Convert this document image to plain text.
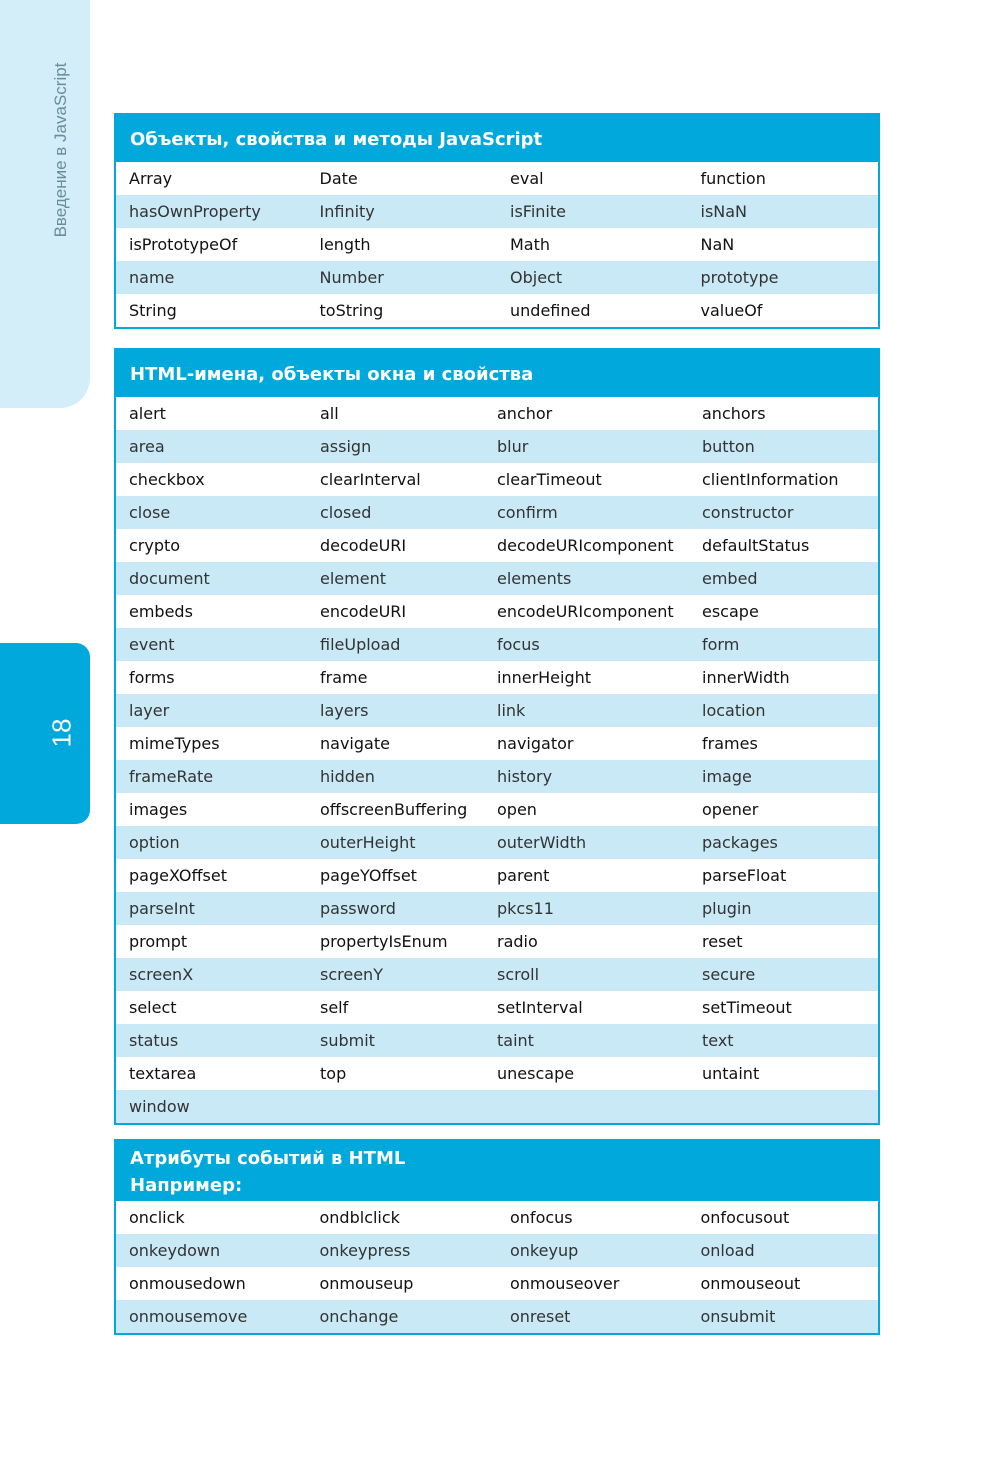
Введение в JavaScript
18
Объекты, свойства и методы JavaScript
Array	Date	eval	function
hasOwnProperty	Infinity	isFinite	isNaN
isPrototypeOf	length	Math	NaN
name	Number	Object	prototype
String	toString	undefined	valueOf
HTML-имена, объекты окна и свойства
alert	all	anchor	anchors
area	assign	blur	button
checkbox	clearInterval	clearTimeout	clientInformation
close	closed	confirm	constructor
crypto	decodeURI	decodeURIcomponent	defaultStatus
document	element	elements	embed
embeds	encodeURI	encodeURIcomponent	escape
event	fileUpload	focus	form
forms	frame	innerHeight	innerWidth
layer	layers	link	location
mimeTypes	navigate	navigator	frames
frameRate	hidden	history	image
images	offscreenBuffering	open	opener
option	outerHeight	outerWidth	packages
pageXOffset	pageYOffset	parent	parseFloat
parseInt	password	pkcs11	plugin
prompt	propertyIsEnum	radio	reset
screenX	screenY	scroll	secure
select	self	setInterval	setTimeout
status	submit	taint	text
textarea	top	unescape	untaint
window
Атрибуты событий в HTML
Например:
onclick	ondblclick	onfocus	onfocusout
onkeydown	onkeypress	onkeyup	onload
onmousedown	onmouseup	onmouseover	onmouseout
onmousemove	onchange	onreset	onsubmit
